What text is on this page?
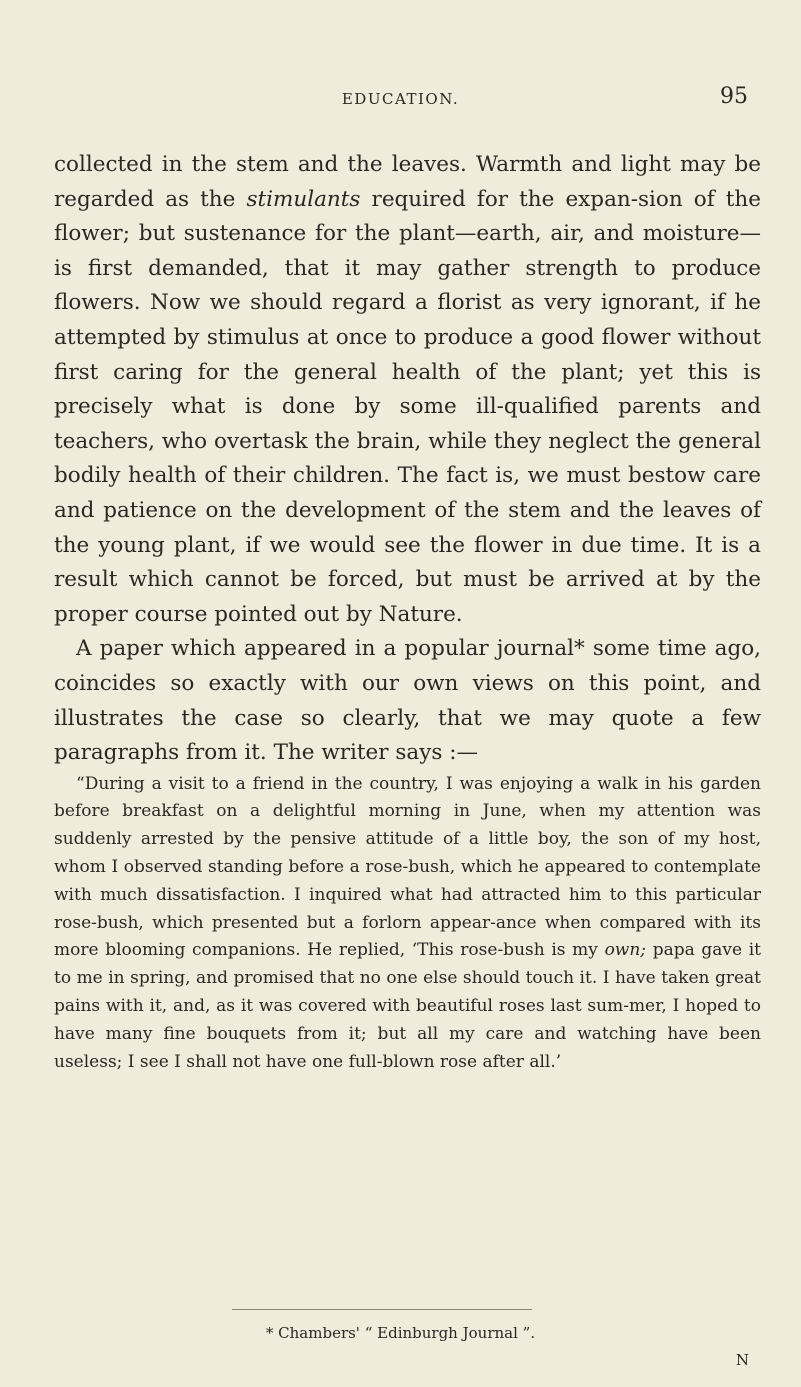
EDUCATION.	95

collected in the stem and the leaves. Warmth and light may be regarded as the stimulants required for the expan-sion of the flower; but sustenance for the plant—earth, air, and moisture—is first demanded, that it may gather strength to produce flowers. Now we should regard a florist as very ignorant, if he attempted by stimulus at once to produce a good flower without first caring for the general health of the plant; yet this is precisely what is done by some ill-qualified parents and teachers, who overtask the brain, while they neglect the general bodily health of their children. The fact is, we must bestow care and patience on the development of the stem and the leaves of the young plant, if we would see the flower in due time. It is a result which cannot be forced, but must be arrived at by the proper course pointed out by Nature.

A paper which appeared in a popular journal* some time ago, coincides so exactly with our own views on this point, and illustrates the case so clearly, that we may quote a few paragraphs from it. The writer says :—

“During a visit to a friend in the country, I was enjoying a walk in his garden before breakfast on a delightful morning in June, when my attention was suddenly arrested by the pensive attitude of a little boy, the son of my host, whom I observed standing before a rose-bush, which he appeared to contemplate with much dissatisfaction. I inquired what had attracted him to this particular rose-bush, which presented but a forlorn appear-ance when compared with its more blooming companions. He replied, ‘This rose-bush is my own; papa gave it to me in spring, and promised that no one else should touch it. I have taken great pains with it, and, as it was covered with beautiful roses last sum-mer, I hoped to have many fine bouquets from it; but all my care and watching have been useless; I see I shall not have one full-blown rose after all.’

* Chambers' “ Edinburgh Journal ”.
N
